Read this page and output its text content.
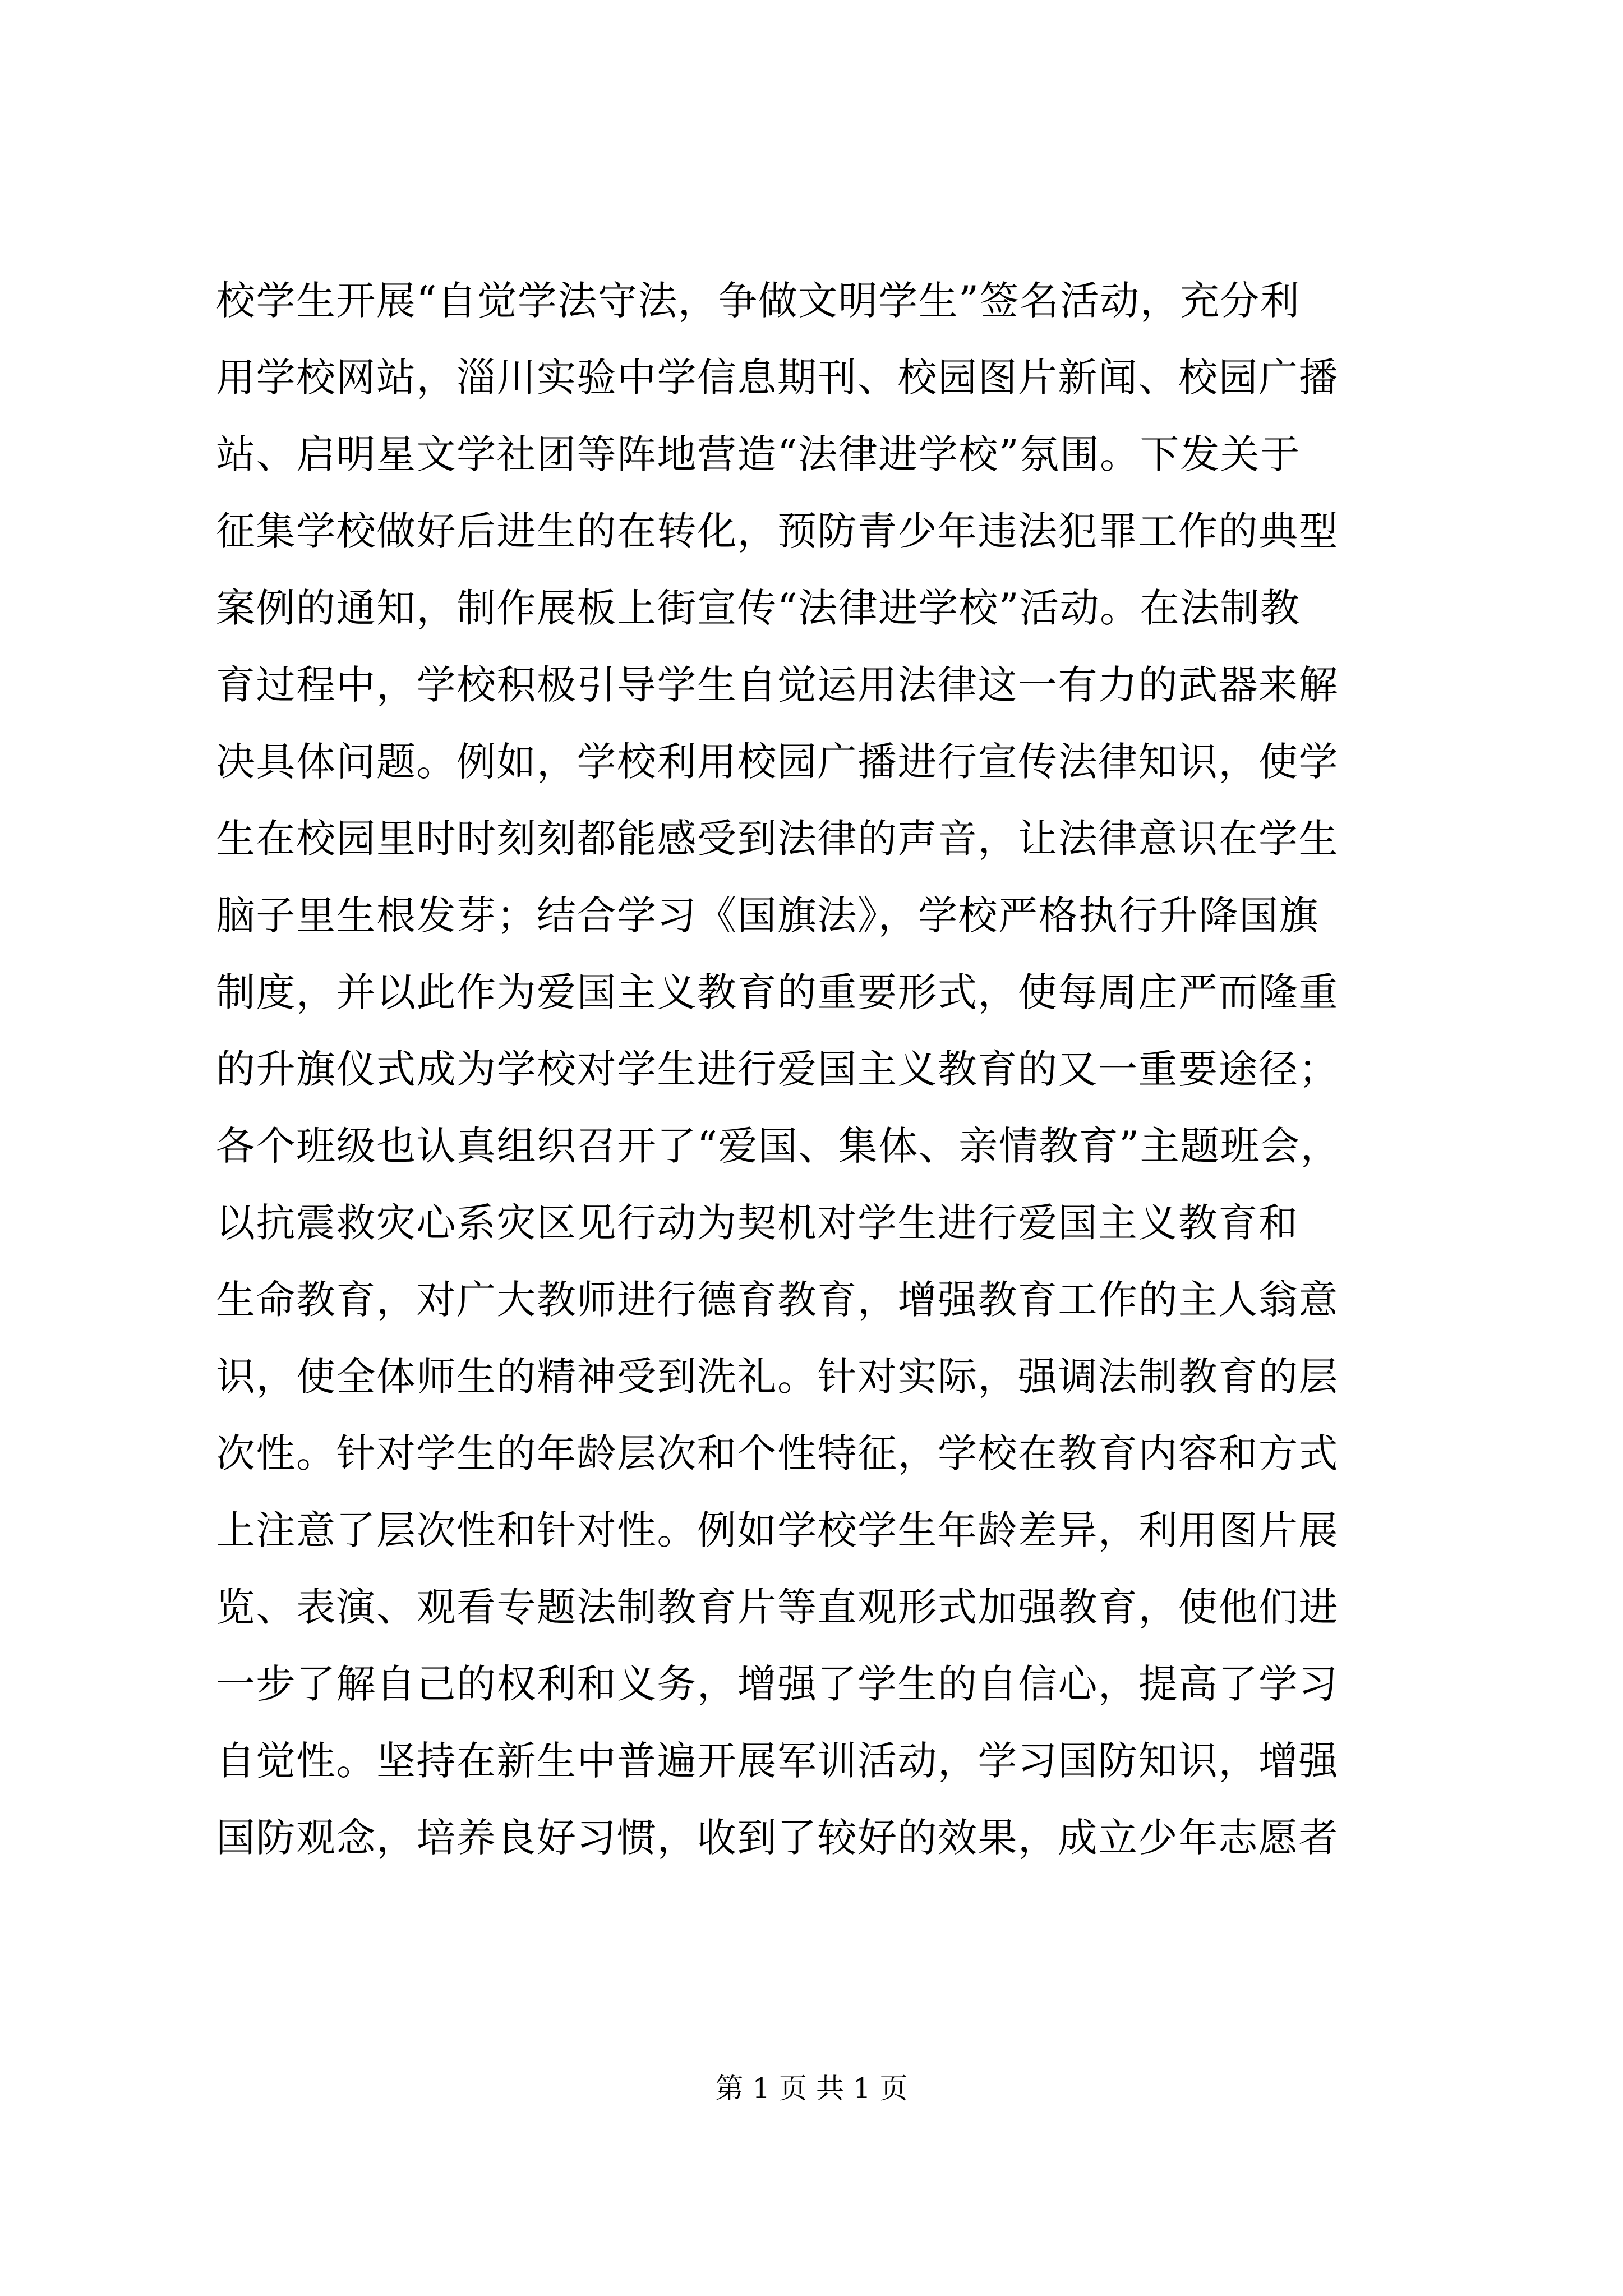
校学生开展“自觉学法守法，争做文明学生”签名活动，充分利
用学校网站，淄川实验中学信息期刊、校园图片新闻、校园广播
站、启明星文学社团等阵地营造“法律进学校”氛围。下发关于
征集学校做好后进生的在转化，预防青少年违法犯罪工作的典型
案例的通知，制作展板上街宣传“法律进学校”活动。在法制教
育过程中，学校积极引导学生自觉运用法律这一有力的武器来解
决具体问题。例如，学校利用校园广播进行宣传法律知识，使学
生在校园里时时刻刻都能感受到法律的声音，让法律意识在学生
脑子里生根发芽；结合学习《国旗法》，学校严格执行升降国旗
制度，并以此作为爱国主义教育的重要形式，使每周庄严而隆重
的升旗仪式成为学校对学生进行爱国主义教育的又一重要途径；
各个班级也认真组织召开了“爱国、集体、亲情教育”主题班会，
以抗震救灾心系灾区见行动为契机对学生进行爱国主义教育和
生命教育，对广大教师进行德育教育，增强教育工作的主人翁意
识，使全体师生的精神受到洗礼。针对实际，强调法制教育的层
次性。针对学生的年龄层次和个性特征，学校在教育内容和方式
上注意了层次性和针对性。例如学校学生年龄差异，利用图片展
览、表演、观看专题法制教育片等直观形式加强教育，使他们进
一步了解自己的权利和义务，增强了学生的自信心，提高了学习
自觉性。坚持在新生中普遍开展军训活动，学习国防知识，增强
国防观念，培养良好习惯，收到了较好的效果，成立少年志愿者
第 1 页 共 1 页
